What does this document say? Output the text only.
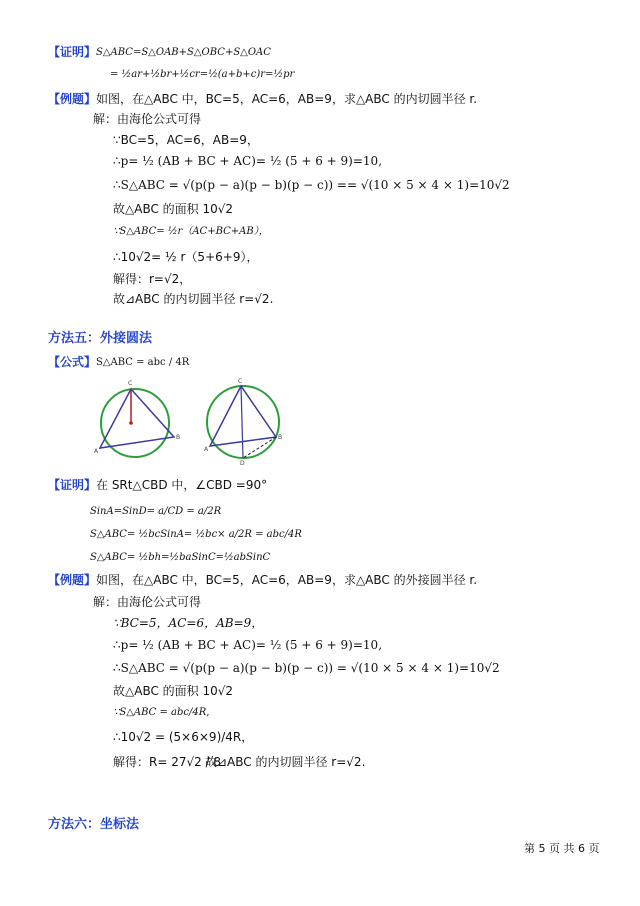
【证明】 S△ABC=S△OAB+S△OBC+S△OAC
= ½ar+½br+½cr=½(a+b+c)r=½pr
【例题】 如图，在△ABC 中，BC=5，AC=6，AB=9，求△ABC 的内切圆半径 r.
解：由海伦公式可得
∵BC=5，AC=6，AB=9，
∴p= ½ (AB + BC + AC)= ½ (5 + 6 + 9)=10,
∴S△ABC = √(p(p − a)(p − b)(p − c)) == √(10 × 5 × 4 × 1)=10√2
故△ABC 的面积 10√2
∵S△ABC= ½r（AC+BC+AB），
∴10√2= ½ r（5+6+9），
解得：r=√2，
故⊿ABC 的内切圆半径 r=√2.
方法五：外接圆法
【公式】 S△ABC = abc / 4R
C
B
A
C
B
A
D
【证明】 在 SRt△CBD 中，∠CBD =90°
SinA=SinD= a/CD = a/2R
S△ABC= ½bcSinA= ½bc× a/2R = abc/4R
S△ABC= ½bh=½baSinC=½abSinC
【例题】 如图，在△ABC 中，BC=5，AC=6，AB=9，求△ABC 的外接圆半径 r.
解：由海伦公式可得
∵BC=5，AC=6，AB=9，
∴p= ½ (AB + BC + AC)= ½ (5 + 6 + 9)=10,
∴S△ABC = √(p(p − a)(p − b)(p − c)) = √(10 × 5 × 4 × 1)=10√2
故△ABC 的面积 10√2
∵S△ABC = abc/4R,
∴10√2 = (5×6×9)/4R，
解得：R= 27√2 / 8
故⊿ABC 的内切圆半径 r=√2.
方法六：坐标法
第 5 页 共 6 页
